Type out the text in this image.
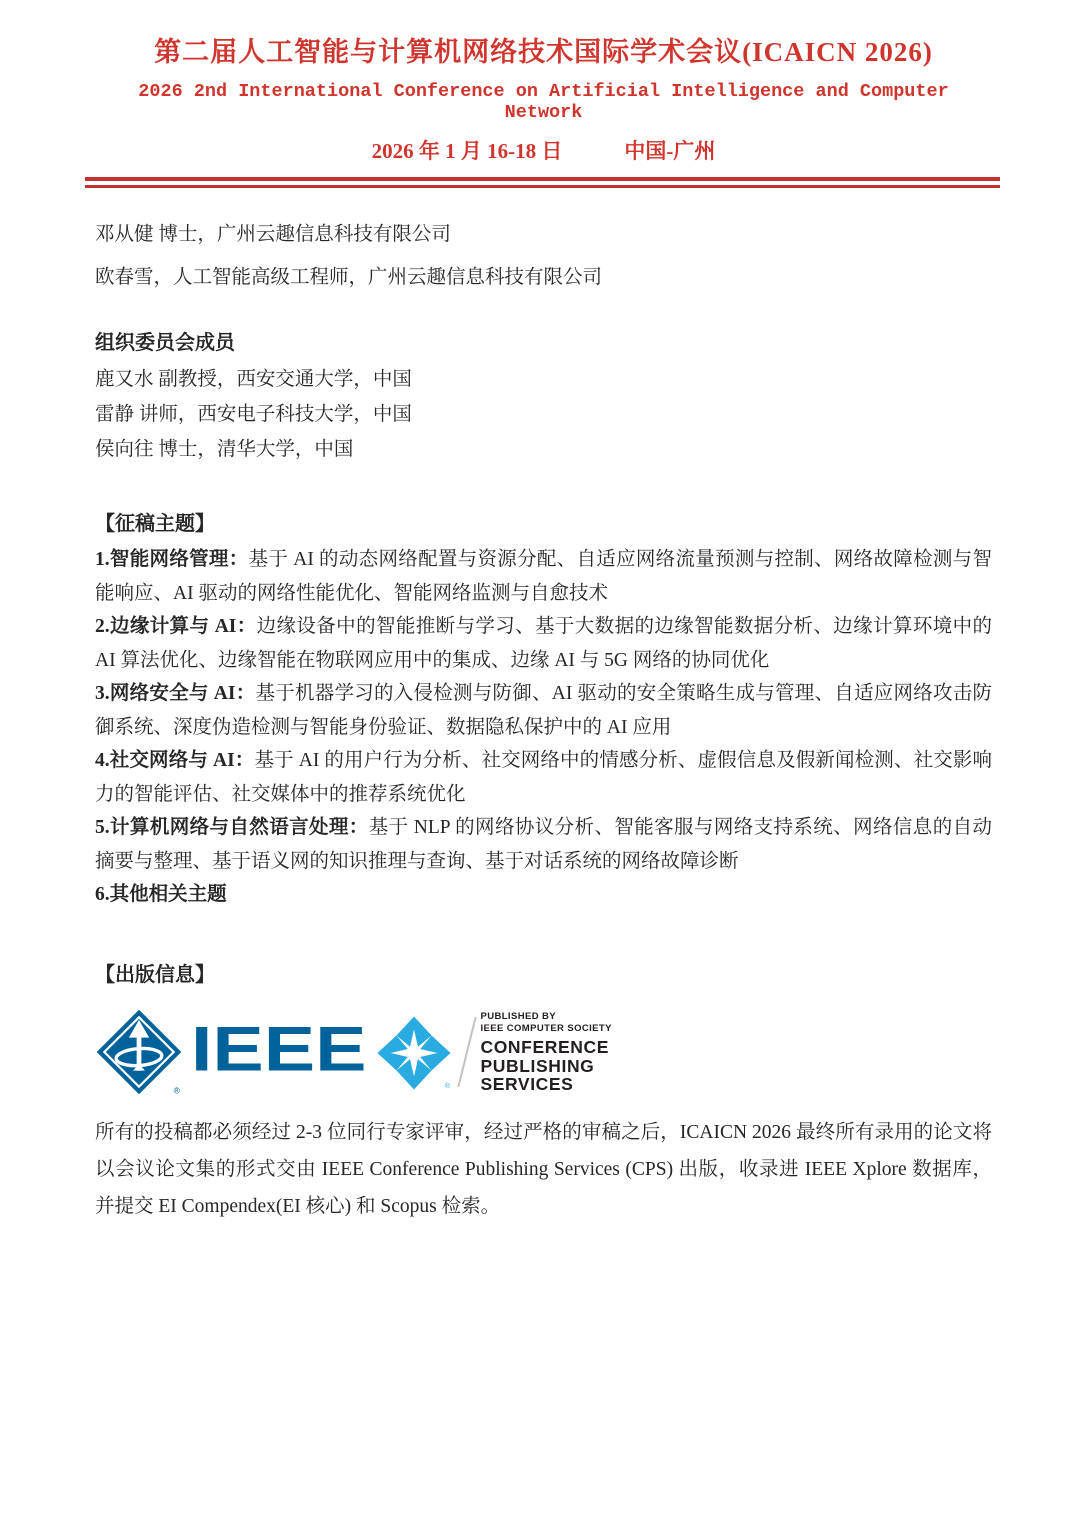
第二届人工智能与计算机网络技术国际学术会议(ICAICN 2026)
2026 2nd International Conference on Artificial Intelligence and Computer Network
2026 年 1 月 16-18 日	中国-广州

邓从健 博士，广州云趣信息科技有限公司

欧春雪，人工智能高级工程师，广州云趣信息科技有限公司

组织委员会成员

鹿又水 副教授，西安交通大学，中国

雷静 讲师，西安电子科技大学，中国

侯向往 博士，清华大学，中国

【征稿主题】

1.智能网络管理：基于 AI 的动态网络配置与资源分配、自适应网络流量预测与控制、网络故障检测与智能响应、AI 驱动的网络性能优化、智能网络监测与自愈技术

2.边缘计算与 AI：边缘设备中的智能推断与学习、基于大数据的边缘智能数据分析、边缘计算环境中的 AI 算法优化、边缘智能在物联网应用中的集成、边缘 AI 与 5G 网络的协同优化

3.网络安全与 AI：基于机器学习的入侵检测与防御、AI 驱动的安全策略生成与管理、自适应网络攻击防御系统、深度伪造检测与智能身份验证、数据隐私保护中的 AI 应用

4.社交网络与 AI：基于 AI 的用户行为分析、社交网络中的情感分析、虚假信息及假新闻检测、社交影响力的智能评估、社交媒体中的推荐系统优化

5.计算机网络与自然语言处理：基于 NLP 的网络协议分析、智能客服与网络支持系统、网络信息的自动摘要与整理、基于语义网的知识推理与查询、基于对话系统的网络故障诊断

6.其他相关主题

【出版信息】

®
IEEE
®
PUBLISHED BY
IEEE COMPUTER SOCIETY
CONFERENCE
PUBLISHING
SERVICES

所有的投稿都必须经过 2-3 位同行专家评审，经过严格的审稿之后，ICAICN 2026 最终所有录用的论文将以会议论文集的形式交由 IEEE Conference Publishing Services (CPS) 出版，收录进 IEEE Xplore 数据库，并提交 EI Compendex(EI 核心) 和 Scopus 检索。
